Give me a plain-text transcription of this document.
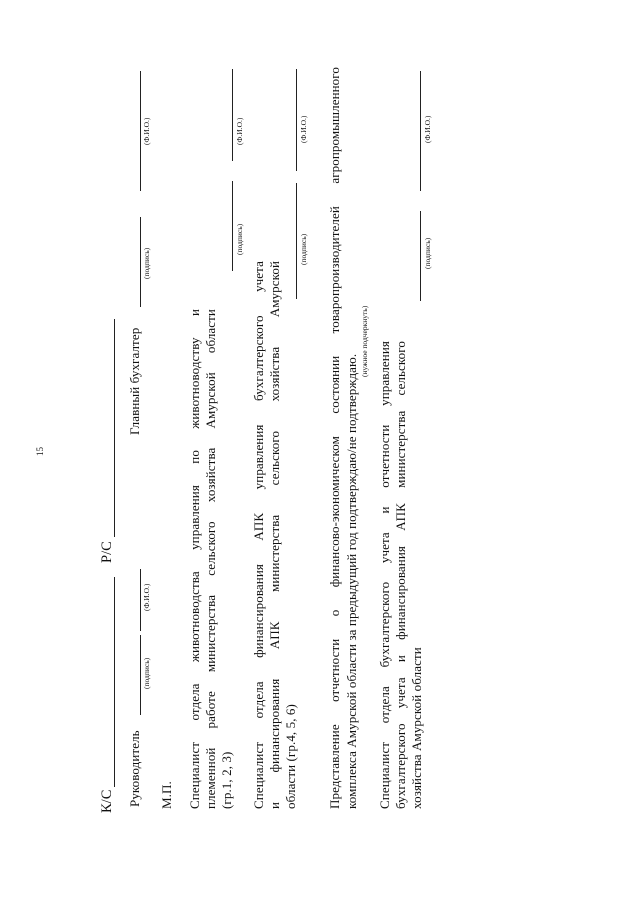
15
К/С
Р/С
Руководитель
(подпись)
(Ф.И.О.)
Главный бухгалтер
(подпись)
(Ф.И.О.)
М.П. Специалист отдела животноводства управления по животноводству и племенной работе министерства сельского хозяйства Амурской области (гр.1, 2, 3)
(подпись)
(Ф.И.О.)
Специалист отдела финансирования АПК управления бухгалтерского учета и финансирования АПК министерства сельского хозяйства Амурской области (гр.4, 5, 6)
(подпись)
(Ф.И.О.) Представление отчетности о финансово-экономическом состоянии товаропроизводителей агропромышленного комплекса Амурской области за предыдущий год подтверждаю/не подтверждаю.
(нужное подчеркнуть) Специалист отдела бухгалтерского учета и отчетности управления бухгалтерского учета и финансирования АПК министерства сельского хозяйства Амурской области
(подпись)
(Ф.И.О.)
